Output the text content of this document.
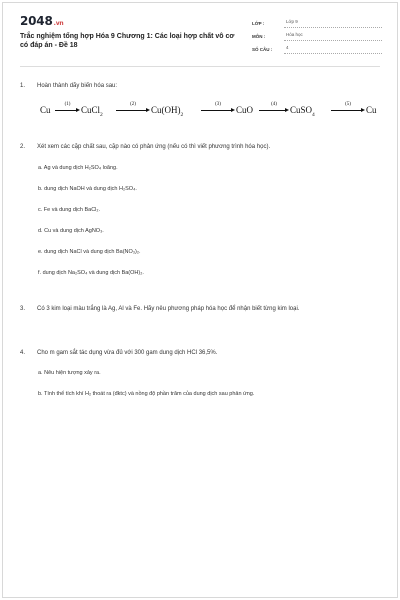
2048.vn
Trắc nghiệm tổng hợp Hóa 9 Chương 1: Các loại hợp chất vô cơ có đáp án - Đề 18
LỚP :	Lớp 9
MÔN :	Hóa học
SỐ CÂU :	4
1.	Hoàn thành dãy biến hóa sau:
Cu
(1)
CuCl$_2$
(2)
$Cu(OH)_2$
(3)
CuO
(4)
CuSO$_4$
(5)
Cu
2.	Xét xem các cặp chất sau, cặp nào có phản ứng (nếu có thì viết phương trình hóa học).
a. Ag và dung dịch H₂SO₄ loãng.
b. dung dịch NaOH và dung dịch H₂SO₄.
c. Fe và dung dịch BaCl₂.
d. Cu và dung dịch AgNO₃.
e. dung dịch NaCl và dung dịch Ba(NO₃)₂.
f. dung dịch Na₂SO₄ và dung dịch Ba(OH)₂.
3.	Có 3 kim loại màu trắng là Ag, Al và Fe. Hãy nêu phương pháp hóa học để nhận biết từng kim loại.
4.	Cho m gam sắt tác dụng vừa đủ với 300 gam dung dịch HCl 36,5%.
a. Nêu hiện tượng xảy ra.
b. Tính thể tích khí H₂ thoát ra (đktc) và nồng độ phần trăm của dung dịch sau phản ứng.
